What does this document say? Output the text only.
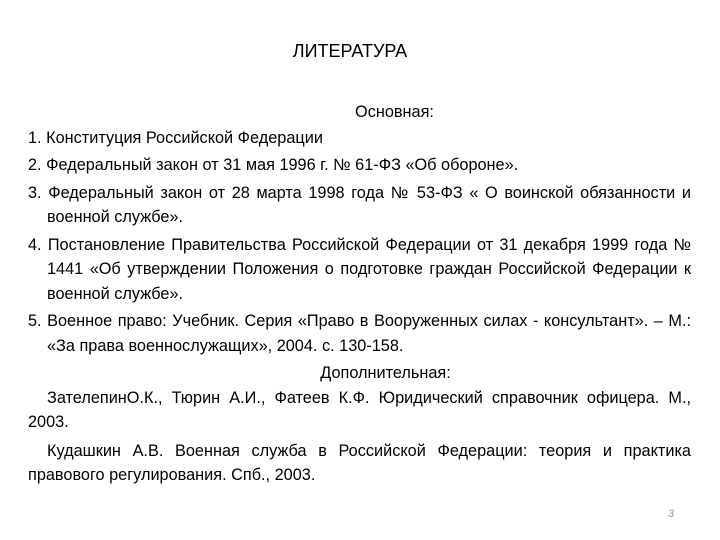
ЛИТЕРАТУРА

Основная:

1. Конституция Российской Федерации
2. Федеральный закон от 31 мая 1996 г. № 61-ФЗ «Об обороне».
3. Федеральный закон от 28 марта 1998 года № 53-ФЗ « О воинской обязанности и военной службе».
4. Постановление Правительства Российской Федерации от 31 декабря 1999 года № 1441 «Об утверждении Положения о подготовке граждан Российской Федерации к военной службе».
5. Военное право: Учебник. Серия «Право в Вооруженных силах - консультант». – М.: «За права военнослужащих», 2004. с. 130-158.

Дополнительная:

ЗателепинО.К., Тюрин А.И., Фатеев К.Ф. Юридический справочник офицера. М., 2003.

Кудашкин А.В. Военная служба в Российской Федерации: теория и практика правового регулирования. Спб., 2003.

3
